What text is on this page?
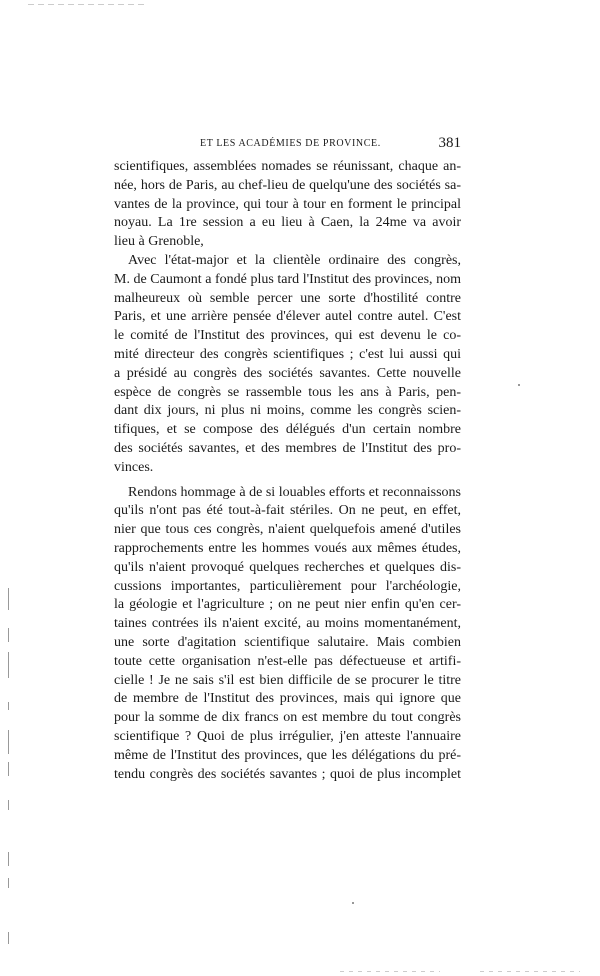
ET LES ACADÉMIES DE PROVINCE.	381
scientifiques, assemblées nomades se réunissant, chaque an-
née, hors de Paris, au chef-lieu de quelqu'une des sociétés sa-
vantes de la province, qui tour à tour en forment le principal
noyau. La 1re session a eu lieu à Caen, la 24me va avoir
lieu à Grenoble,
Avec l'état-major et la clientèle ordinaire des congrès,
M. de Caumont a fondé plus tard l'Institut des provinces, nom
malheureux où semble percer une sorte d'hostilité contre
Paris, et une arrière pensée d'élever autel contre autel. C'est
le comité de l'Institut des provinces, qui est devenu le co-
mité directeur des congrès scientifiques ; c'est lui aussi qui
a présidé au congrès des sociétés savantes. Cette nouvelle
espèce de congrès se rassemble tous les ans à Paris, pen-
dant dix jours, ni plus ni moins, comme les congrès scien-
tifiques, et se compose des délégués d'un certain nombre
des sociétés savantes, et des membres de l'Institut des pro-
vinces.
Rendons hommage à de si louables efforts et reconnaissons
qu'ils n'ont pas été tout-à-fait stériles. On ne peut, en effet,
nier que tous ces congrès, n'aient quelquefois amené d'utiles
rapprochements entre les hommes voués aux mêmes études,
qu'ils n'aient provoqué quelques recherches et quelques dis-
cussions importantes, particulièrement pour l'archéologie,
la géologie et l'agriculture ; on ne peut nier enfin qu'en cer-
taines contrées ils n'aient excité, au moins momentanément,
une sorte d'agitation scientifique salutaire. Mais combien
toute cette organisation n'est-elle pas défectueuse et artifi-
cielle ! Je ne sais s'il est bien difficile de se procurer le titre
de membre de l'Institut des provinces, mais qui ignore que
pour la somme de dix francs on est membre du tout congrès
scientifique ? Quoi de plus irrégulier, j'en atteste l'annuaire
même de l'Institut des provinces, que les délégations du pré-
tendu congrès des sociétés savantes ; quoi de plus incomplet
